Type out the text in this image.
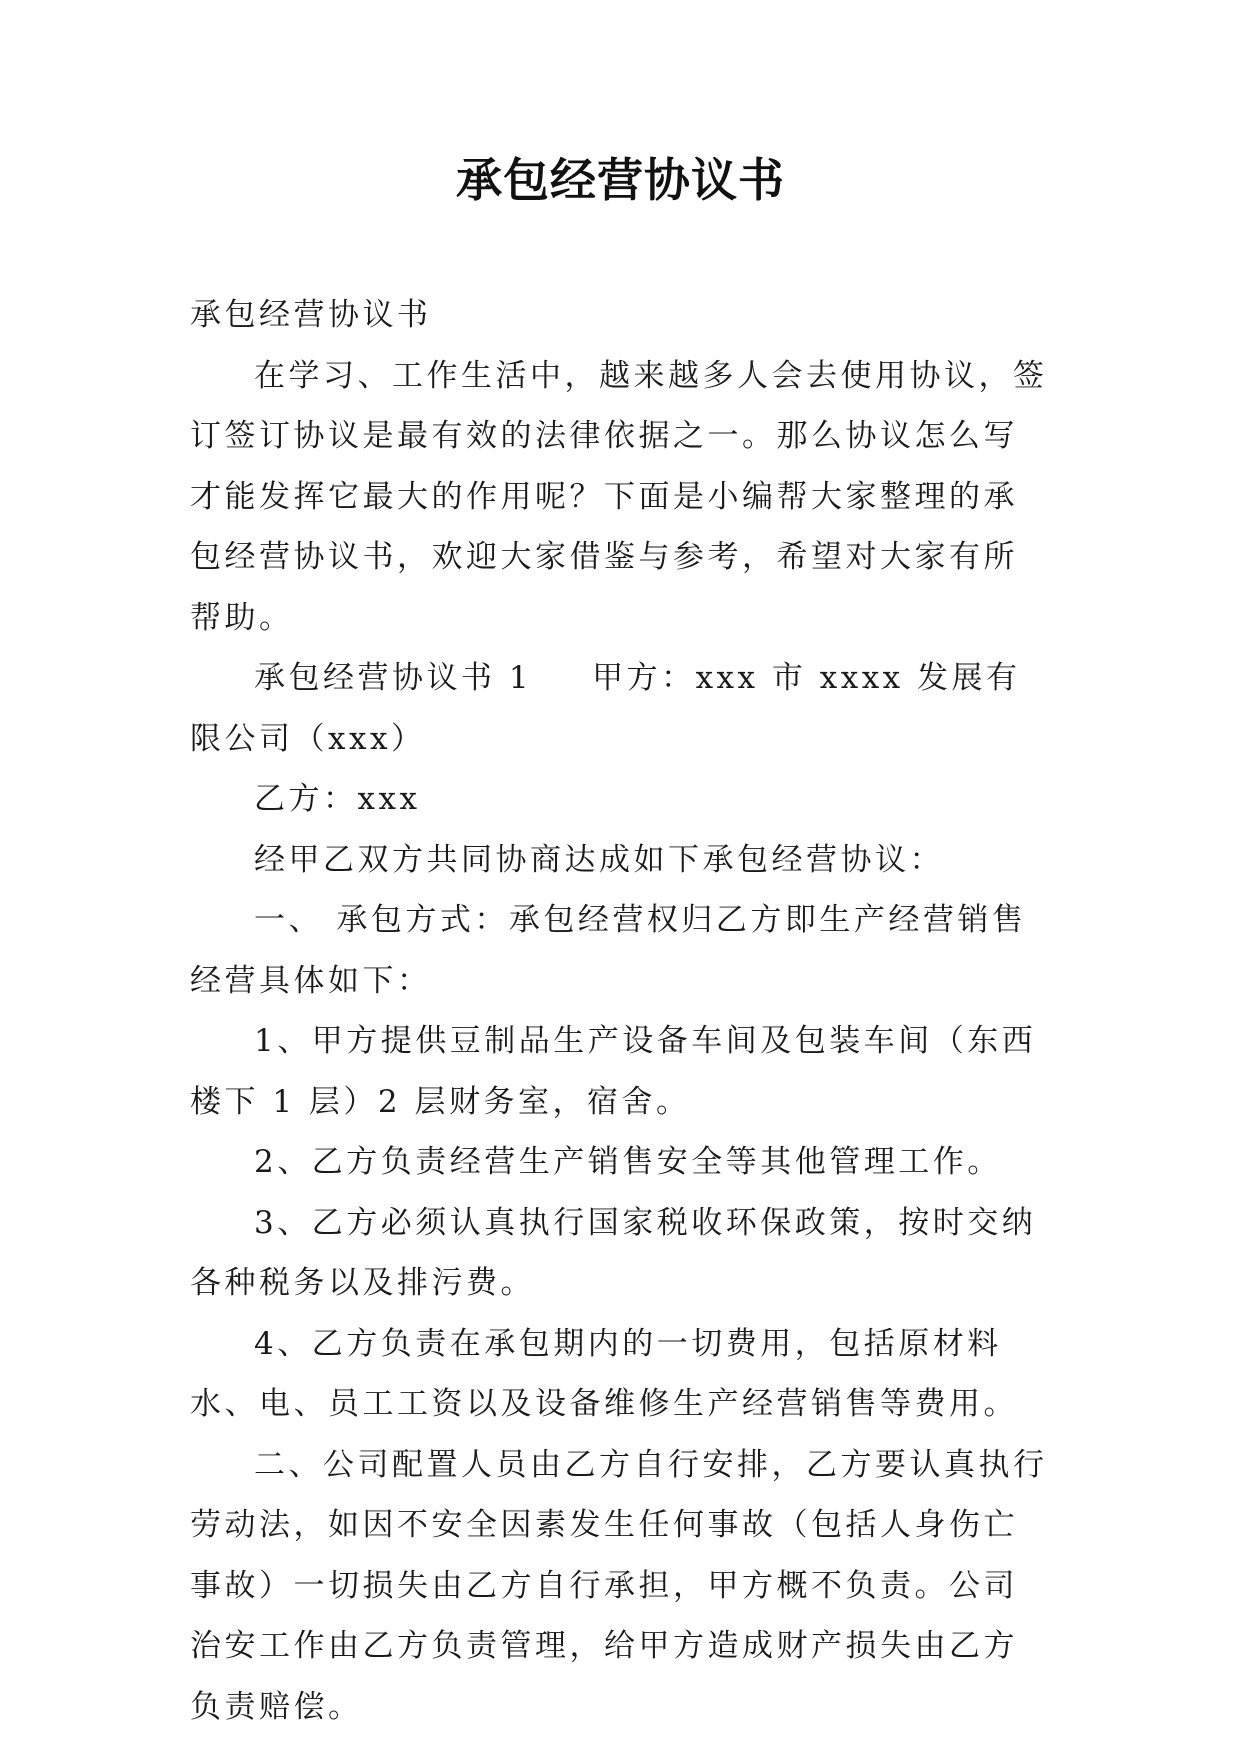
承包经营协议书

承包经营协议书

在学习、工作生活中，越来越多人会去使用协议，签订签订协议是最有效的法律依据之一。那么协议怎么写才能发挥它最大的作用呢？下面是小编帮大家整理的承包经营协议书，欢迎大家借鉴与参考，希望对大家有所帮助。

承包经营协议书 1 甲方：xxx 市 xxxx 发展有限公司（xxx）

乙方：xxx

经甲乙双方共同协商达成如下承包经营协议：

一、 承包方式：承包经营权归乙方即生产经营销售经营具体如下：

1、甲方提供豆制品生产设备车间及包装车间（东西楼下 1 层）2 层财务室，宿舍。

2、乙方负责经营生产销售安全等其他管理工作。

3、乙方必须认真执行国家税收环保政策，按时交纳各种税务以及排污费。

4、乙方负责在承包期内的一切费用，包括原材料水、电、员工工资以及设备维修生产经营销售等费用。

二、公司配置人员由乙方自行安排，乙方要认真执行劳动法，如因不安全因素发生任何事故（包括人身伤亡事故）一切损失由乙方自行承担，甲方概不负责。公司治安工作由乙方负责管理，给甲方造成财产损失由乙方负责赔偿。
